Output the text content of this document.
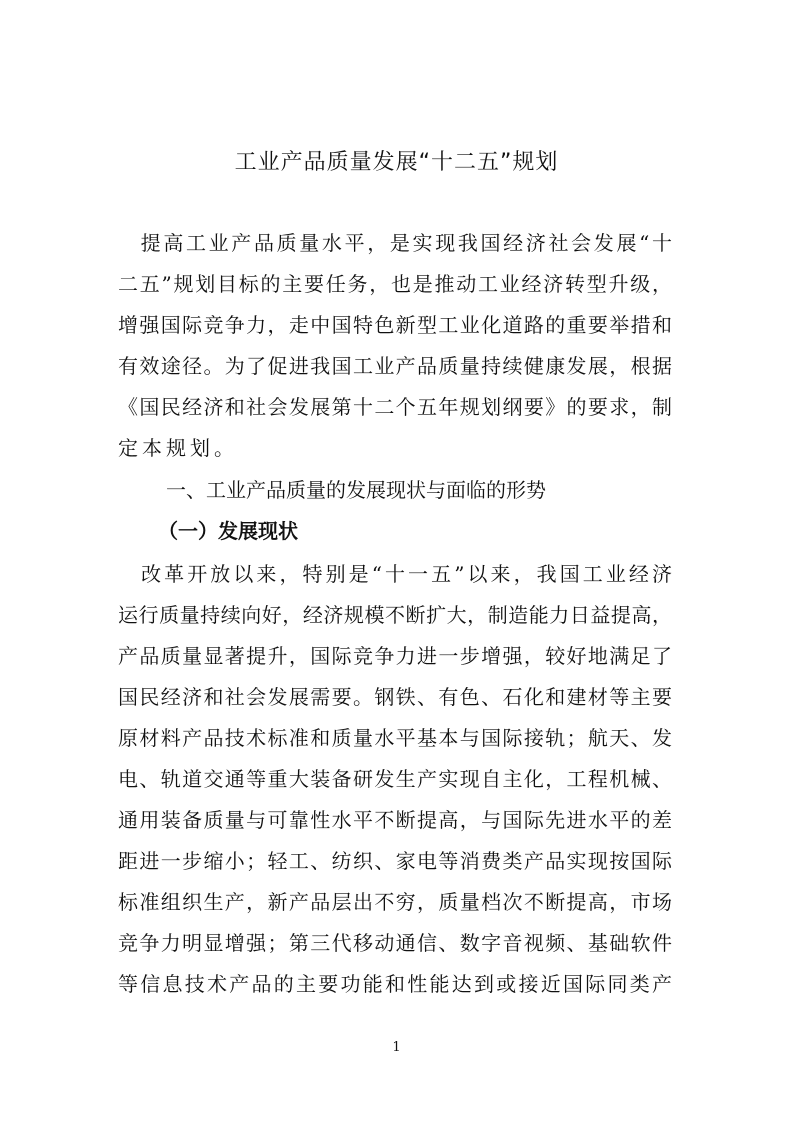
工业产品质量发展“十二五”规划
　提高工业产品质量水平，是实现我国经济社会发展“十
二五”规划目标的主要任务，也是推动工业经济转型升级，
增强国际竞争力，走中国特色新型工业化道路的重要举措和
有效途径。为了促进我国工业产品质量持续健康发展，根据
《国民经济和社会发展第十二个五年规划纲要》的要求，制
定本规划。
一、工业产品质量的发展现状与面临的形势
（一）发展现状
　改革开放以来，特别是“十一五”以来，我国工业经济
运行质量持续向好，经济规模不断扩大，制造能力日益提高，
产品质量显著提升，国际竞争力进一步增强，较好地满足了
国民经济和社会发展需要。钢铁、有色、石化和建材等主要
原材料产品技术标准和质量水平基本与国际接轨；航天、发
电、轨道交通等重大装备研发生产实现自主化，工程机械、
通用装备质量与可靠性水平不断提高，与国际先进水平的差
距进一步缩小；轻工、纺织、家电等消费类产品实现按国际
标准组织生产，新产品层出不穷，质量档次不断提高，市场
竞争力明显增强；第三代移动通信、数字音视频、基础软件
等信息技术产品的主要功能和性能达到或接近国际同类产
1
